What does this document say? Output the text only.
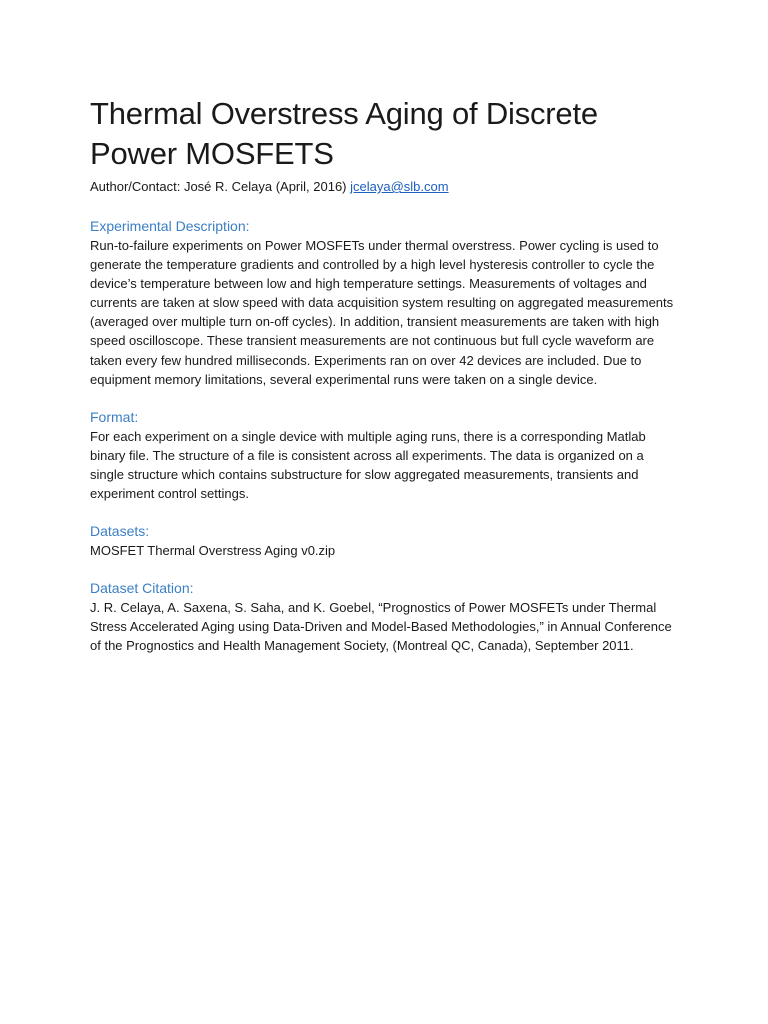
Thermal Overstress Aging of Discrete
Power MOSFETS
Author/Contact: José R. Celaya (April, 2016) jcelaya@slb.com
Experimental Description:

Run-to-failure experiments on Power MOSFETs under thermal overstress. Power cycling is used to generate the temperature gradients and controlled by a high level hysteresis controller to cycle the device’s temperature between low and high temperature settings. Measurements of voltages and currents are taken at slow speed with data acquisition system resulting on aggregated measurements (averaged over multiple turn on-off cycles). In addition, transient measurements are taken with high speed oscilloscope. These transient measurements are not continuous but full cycle waveform are taken every few hundred milliseconds. Experiments ran on over 42 devices are included. Due to equipment memory limitations, several experimental runs were taken on a single device.

Format:

For each experiment on a single device with multiple aging runs, there is a corresponding Matlab binary file. The structure of a file is consistent across all experiments. The data is organized on a single structure which contains substructure for slow aggregated measurements, transients and experiment control settings.

Datasets:

MOSFET Thermal Overstress Aging v0.zip

Dataset Citation:

J. R. Celaya, A. Saxena, S. Saha, and K. Goebel, “Prognostics of Power MOSFETs under Thermal Stress Accelerated Aging using Data-Driven and Model-Based Methodologies,” in Annual Conference of the Prognostics and Health Management Society, (Montreal QC, Canada), September 2011.
